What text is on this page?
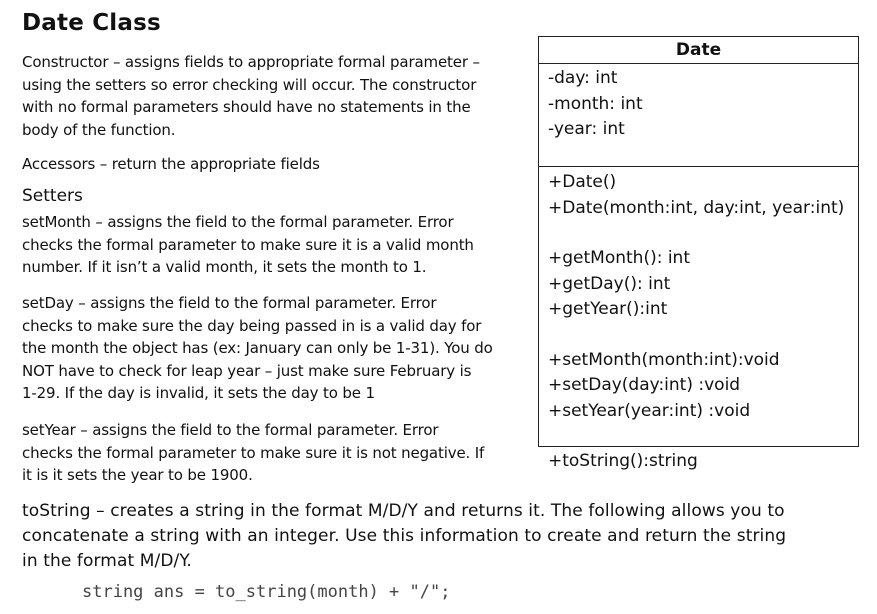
Date Class
Constructor – assigns fields to appropriate formal parameter –
using the setters so error checking will occur. The constructor
with no formal parameters should have no statements in the
body of the function.
Accessors – return the appropriate fields
Setters
setMonth – assigns the field to the formal parameter. Error
checks the formal parameter to make sure it is a valid month
number. If it isn’t a valid month, it sets the month to 1.
setDay – assigns the field to the formal parameter. Error
checks to make sure the day being passed in is a valid day for
the month the object has (ex: January can only be 1-31). You do
NOT have to check for leap year – just make sure February is
1-29. If the day is invalid, it sets the day to be 1
setYear – assigns the field to the formal parameter. Error
checks the formal parameter to make sure it is not negative. If
it is it sets the year to be 1900.
toString – creates a string in the format M/D/Y and returns it. The following allows you to
concatenate a string with an integer. Use this information to create and return the string
in the format M/D/Y.
string ans = to_string(month) + "/";
Date
-day: int
-month: int
-year: int
+Date()
+Date(month:int, day:int, year:int)
+getMonth(): int
+getDay(): int
+getYear():int
+setMonth(month:int):void
+setDay(day:int) :void
+setYear(year:int) :void
+toString():string
